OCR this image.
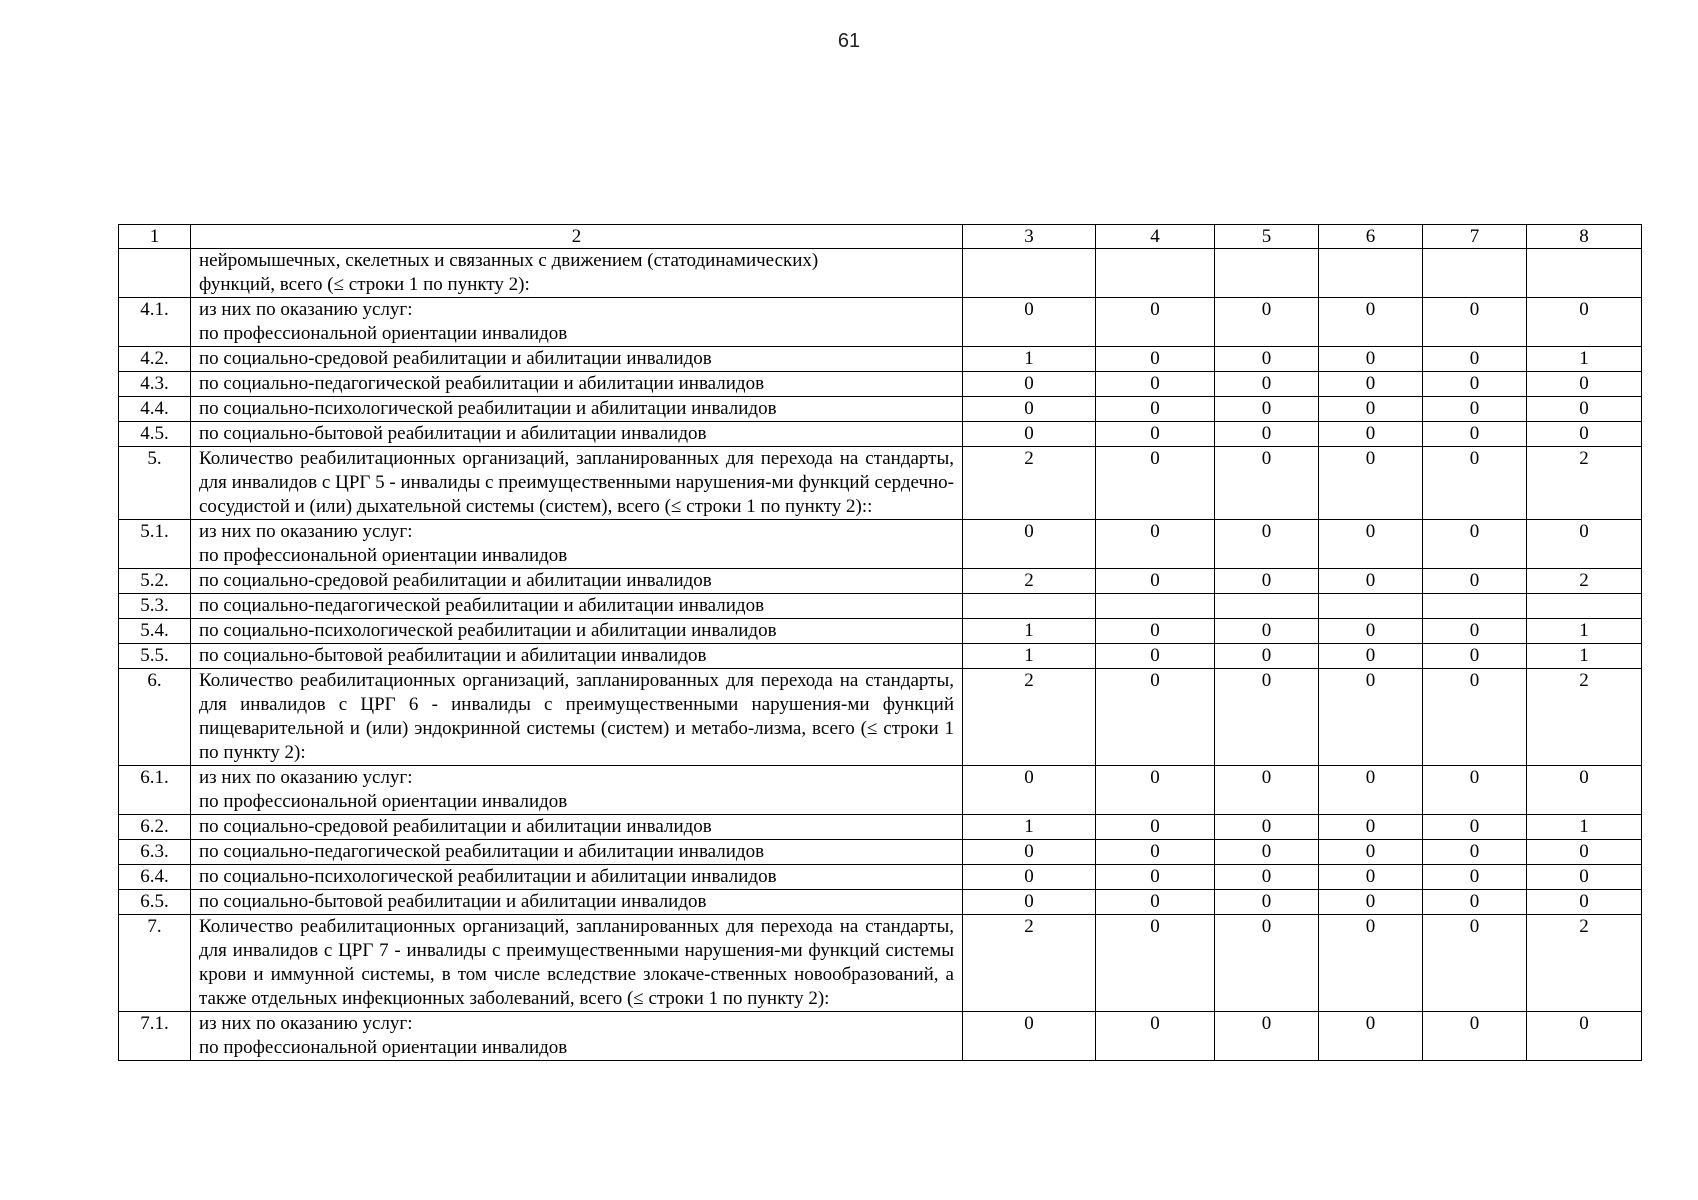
61
1	2	3	4	5	6	7	8
	нейромышечных, скелетных и связанных с движением (статодинамических)
функций, всего (≤ строки 1 по пункту 2):						
4.1.	из них по оказанию услуг:
по профессиональной ориентации инвалидов	0	0	0	0	0	0
4.2.	по социально-средовой реабилитации и абилитации инвалидов	1	0	0	0	0	1
4.3.	по социально-педагогической реабилитации и абилитации инвалидов	0	0	0	0	0	0
4.4.	по социально-психологической реабилитации и абилитации инвалидов	0	0	0	0	0	0
4.5.	по социально-бытовой реабилитации и абилитации инвалидов	0	0	0	0	0	0
5.	Количество реабилитационных организаций, запланированных для перехода на стандарты, для инвалидов с ЦРГ 5 - инвалиды с преимущественными нарушения-ми функций сердечно-сосудистой и (или) дыхательной системы (систем), всего (≤ строки 1 по пункту 2)::	2	0	0	0	0	2
5.1.	из них по оказанию услуг:
по профессиональной ориентации инвалидов	0	0	0	0	0	0
5.2.	по социально-средовой реабилитации и абилитации инвалидов	2	0	0	0	0	2
5.3.	по социально-педагогической реабилитации и абилитации инвалидов						
5.4.	по социально-психологической реабилитации и абилитации инвалидов	1	0	0	0	0	1
5.5.	по социально-бытовой реабилитации и абилитации инвалидов	1	0	0	0	0	1
6.	Количество реабилитационных организаций, запланированных для перехода на стандарты, для инвалидов с ЦРГ 6 - инвалиды с преимущественными нарушения-ми функций пищеварительной и (или) эндокринной системы (систем) и метабо-лизма, всего (≤ строки 1 по пункту 2):	2	0	0	0	0	2
6.1.	из них по оказанию услуг:
по профессиональной ориентации инвалидов	0	0	0	0	0	0
6.2.	по социально-средовой реабилитации и абилитации инвалидов	1	0	0	0	0	1
6.3.	по социально-педагогической реабилитации и абилитации инвалидов	0	0	0	0	0	0
6.4.	по социально-психологической реабилитации и абилитации инвалидов	0	0	0	0	0	0
6.5.	по социально-бытовой реабилитации и абилитации инвалидов	0	0	0	0	0	0
7.	Количество реабилитационных организаций, запланированных для перехода на стандарты, для инвалидов с ЦРГ 7 - инвалиды с преимущественными нарушения-ми функций системы крови и иммунной системы, в том числе вследствие злокаче-ственных новообразований, а также отдельных инфекционных заболеваний, всего (≤ строки 1 по пункту 2):	2	0	0	0	0	2
7.1.	из них по оказанию услуг:
по профессиональной ориентации инвалидов	0	0	0	0	0	0
